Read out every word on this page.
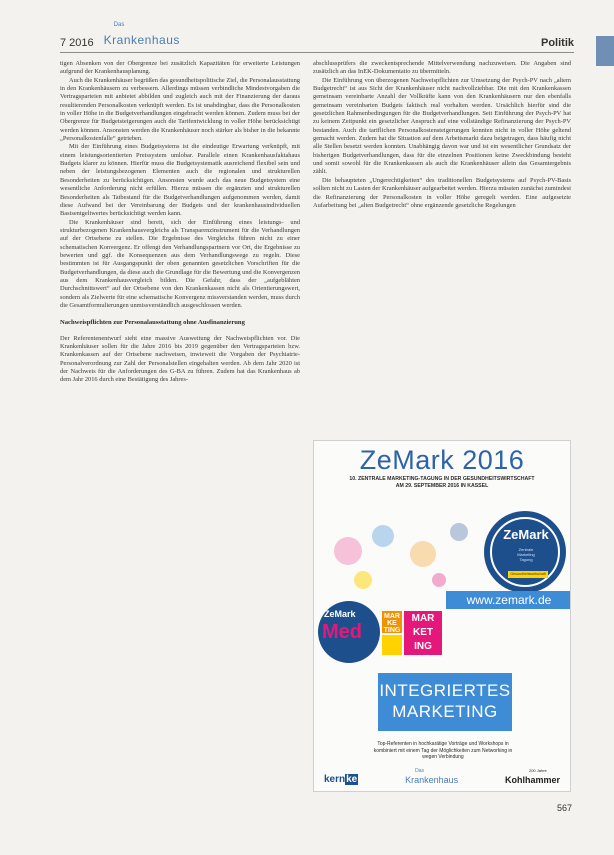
7 2016
Das
Krankenhaus	Politik

tigen Absenken von der Obergrenze bei zusätzlich Kapazitäten für erweiterte Leistungen aufgrund der Krankenhausplanung.

Auch die Krankenhäuser begrüßen das gesundheitspolitische Ziel, die Personalausstattung in den Krankenhäusern zu verbessern. Allerdings müssen verbindliche Mindestvorgaben die Vertragsparteien mit anbietet abbilden und zugleich auch mit der Finanzierung der daraus resultierenden Personalkosten verknüpft werden. Es ist unabdingbar, dass die Personalkosten in voller Höhe in die Budgetverhandlungen eingebracht werden können. Zudem muss bei der Obergrenze für Budgetsteigerungen auch die Tarifentwicklung in voller Höhe berücksichtigt werden können. Ansonsten werden die Krankenhäuser noch stärker als bisher in die bekannte „Personalkostenfalle“ getrieben.

Mit der Einführung eines Budgetsystems ist die eindeutige Erwartung verknüpft, mit einem leistungsorientierten Preissystem umlobar. Parallele einen Krankenhausfaktahaus Budgets klarer zu können. Hierfür muss die Budgetsystematik ausreichend flexibel sein und neben der leistungsbezogenen Elementen auch die regionalen und strukturellen Besonderheiten zu berücksichtigen. Ansonsten wurde auch das neue Budgetsystem eine wesentliche Anforderung nicht erfüllen. Hierzu müssen die ergänzten und strukturellen Besonderheiten als Tatbestand für die Budgetverhandlungen aufgenommen werden, damit diese Aufwand bei der Vereinbarung der Budgets und der krankenhausindividuellen Basisentgeltwertes berücksichtigt werden kann.

Die Krankenhäuser sind bereit, sich der Einführung eines leistungs- und strukturbezogenen Krankenhausvergleichs als Transparenzinstrument für die Verhandlungen auf der Ortsebene zu stellen. Die Ergebnisse des Vergleichs führen nicht zu einer schematischen Konvergenz. Er offengt den Verhandlungspartnern vor Ort, die Ergebnisse zu bewerten und ggf. die Konsequenzen aus dem Verhandlungswege zu regeln. Diese bestimmten ist für Ausgangspunkt der oben genannten gesetzlichen Vorschriften für die Budgetverhandlungen, da diese auch die Grundlage für die Bewertung und die Konvergenzen aus dem Krankenhausvergleich bilden. Die Gefahr, dass der „aufgeblähten Durchschnittswert“ auf der Ortsebene von den Krankenkassen nicht als Orientierungswert, sondern als Zielwerte für eine schematische Konvergenz missverstanden werden, muss durch die Gesamtformulierungen unmissverständlich ausgeschlossen werden.

Nachweispflichten zur Personalausstattung ohne Ausfinanzierung

Der Referentenentwurf sieht eine massive Ausweitung der Nachweispflichten vor. Die Krankenhäuser sollen für die Jahre 2016 bis 2019 gegenüber den Vertragsparteien bzw. Krankenkassen auf der Ortsebene nachweisen, inwieweit die Vorgaben der Psychiatrie-Personalverordnung zur Zahl der Personalstellen eingehalten werden. Ab dem Jahr 2020 ist der Nachweis für die Anforderungen des G-BA zu führen. Zudem hat das Krankenhaus ab dem Jahr 2016 durch eine Bestätigung des Jahres-

abschlussprüfers die zweckentsprechende Mittelverwendung nachzuweisen. Die Angaben sind zusätzlich an das InEK-Dokumentatio zu übermitteln.

Die Einführung von überzogenen Nachweispflichten zur Umsetzung der Psych-PV nach „altem Budgetrecht“ ist aus Sicht der Krankenhäuser nicht nachvollziehbar. Die mit den Krankenkassen gemeinsam vereinbarte Anzahl der Vollkräfte kann von den Krankenhäusern nur den ebenfalls gemeinsam vereinbarten Budgets faktisch real vorhalten werden. Ursächlich hierfür sind die gesetzlichen Rahmenbedingungen für die Budgetverhandlungen. Seit Einführung der Psych-PV hat zu keinem Zeitpunkt ein gesetzlicher Anspruch auf eine vollständige Refinanzierung der Psych-PV bestanden. Auch die tariflichen Personalkostensteigerungen konnten nicht in voller Höhe geltend gemacht werden. Zudem hat die Situation auf dem Arbeitsmarkt dazu beigetragen, dass häufig nicht alle Stellen besetzt werden konnten. Unabhängig davon war und ist ein wesentlicher Grundsatz der bisherigen Budgetverhandlungen, dass für die einzelnen Positionen keine Zweckbindung besteht und somit sowohl für die Krankenkassen als auch die Krankenhäuser allein das Gesamtergebnis zählt.

Die behaupteten „Ungerechtigkeiten“ des traditionellen Budgetsystems auf Psych-PV-Basis sollten nicht zu Lasten der Krankenhäuser aufgearbeitet werden. Hierzu müssten zunächst zumindest die Refinanzierung der Personalkosten in voller Höhe geregelt werden. Eine aufgesetzte Aufarbeitung bei „alten Budgetrecht“ ohne ergänzende gesetzliche Regelungen

ZeMark 2016
10. ZENTRALE MARKETING-TAGUNG IN DER GESUNDHEITSWIRTSCHAFT
AM 29. SEPTEMBER 2016 IN KASSEL
ZeMark
Zentrale
Marketing
Tagung
Gesundheitswirtschaft
www.zemark.de
ZeMark
Med
MAR
KE
TING
MAR
KET
ING
INTEGRIERTES
MARKETING
Top-Referenten in hochkarätige Vorträge und Workshops in
kombiniert mit einem Tag der Möglichkeiten zum Networking in
wegen Verbindung
kernke
Das
Krankenhaus
200 Jahre
Kohlhammer
567
